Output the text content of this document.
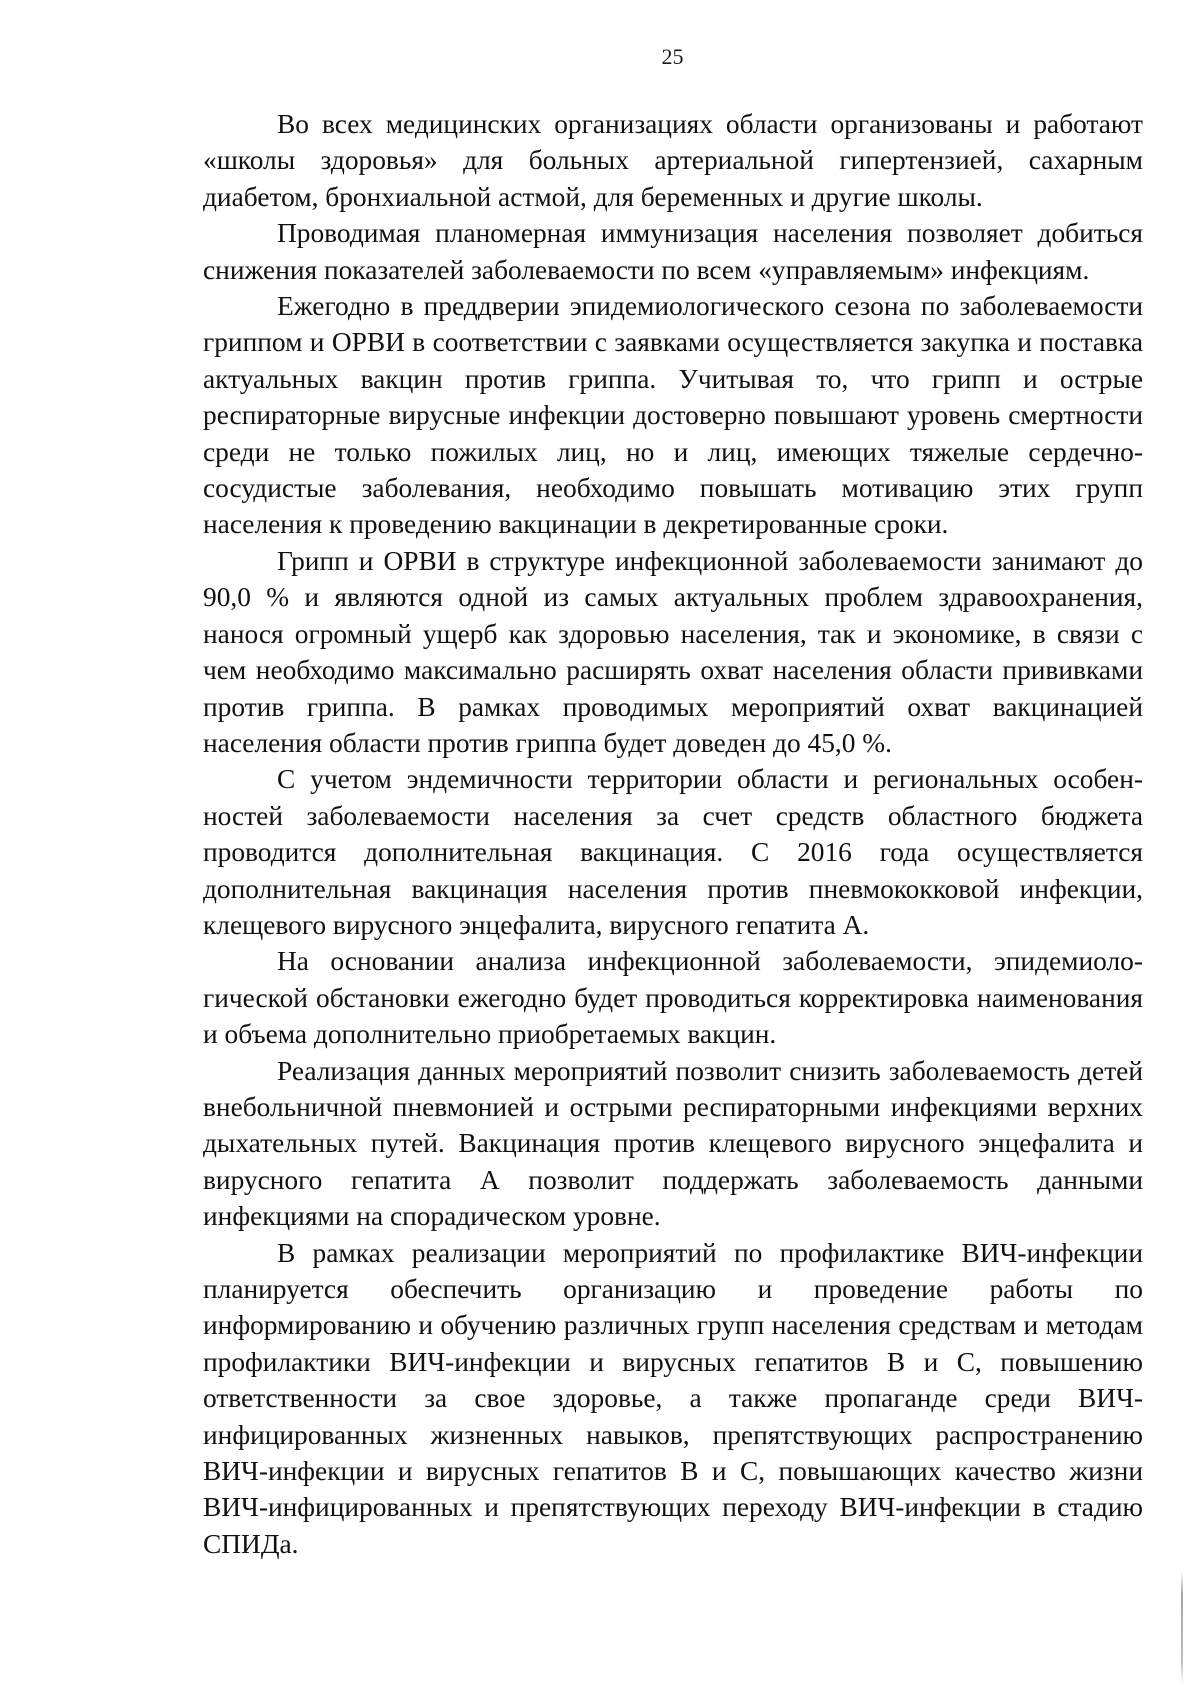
25

Во всех медицинских организациях области организованы и работают «школы здоровья» для больных артериальной гипертензией, сахарным диабетом, бронхиальной астмой, для беременных и другие школы.

Проводимая планомерная иммунизация населения позволяет добиться снижения показателей заболеваемости по всем «управляемым» инфекциям.

Ежегодно в преддверии эпидемиологического сезона по заболеваемости гриппом и ОРВИ в соответствии с заявками осуществляется закупка и поставка актуальных вакцин против гриппа. Учитывая то, что грипп и острые респираторные вирусные инфекции достоверно повышают уровень смертности среди не только пожилых лиц, но и лиц, имеющих тяжелые сердечно-сосудистые заболевания, необходимо повышать мотивацию этих групп населения к проведению вакцинации в декретированные сроки.

Грипп и ОРВИ в структуре инфекционной заболеваемости занимают до 90,0 % и являются одной из самых актуальных проблем здравоохранения, нанося огромный ущерб как здоровью населения, так и экономике, в связи с чем необходимо максимально расширять охват населения области прививками против гриппа. В рамках проводимых мероприятий охват вакцинацией населения области против гриппа будет доведен до 45,0 %.

С учетом эндемичности территории области и региональных особенностей заболеваемости населения за счет средств областного бюджета проводится дополнительная вакцинация. С 2016 года осуществляется дополнительная вакцинация населения против пневмококковой инфекции, клещевого вирусного энцефалита, вирусного гепатита А.

На основании анализа инфекционной заболеваемости, эпидемиологической обстановки ежегодно будет проводиться корректировка наименования и объема дополнительно приобретаемых вакцин.

Реализация данных мероприятий позволит снизить заболеваемость детей внебольничной пневмонией и острыми респираторными инфекциями верхних дыхательных путей. Вакцинация против клещевого вирусного энцефалита и вирусного гепатита А позволит поддержать заболеваемость данными инфекциями на спорадическом уровне.

В рамках реализации мероприятий по профилактике ВИЧ-инфекции планируется обеспечить организацию и проведение работы по информированию и обучению различных групп населения средствам и методам профилактики ВИЧ-инфекции и вирусных гепатитов В и С, повышению ответственности за свое здоровье, а также пропаганде среди ВИЧ-инфицированных жизненных навыков, препятствующих распространению ВИЧ-инфекции и вирусных гепатитов В и С, повышающих качество жизни ВИЧ-инфицированных и препятствующих переходу ВИЧ-инфекции в стадию СПИДа.
